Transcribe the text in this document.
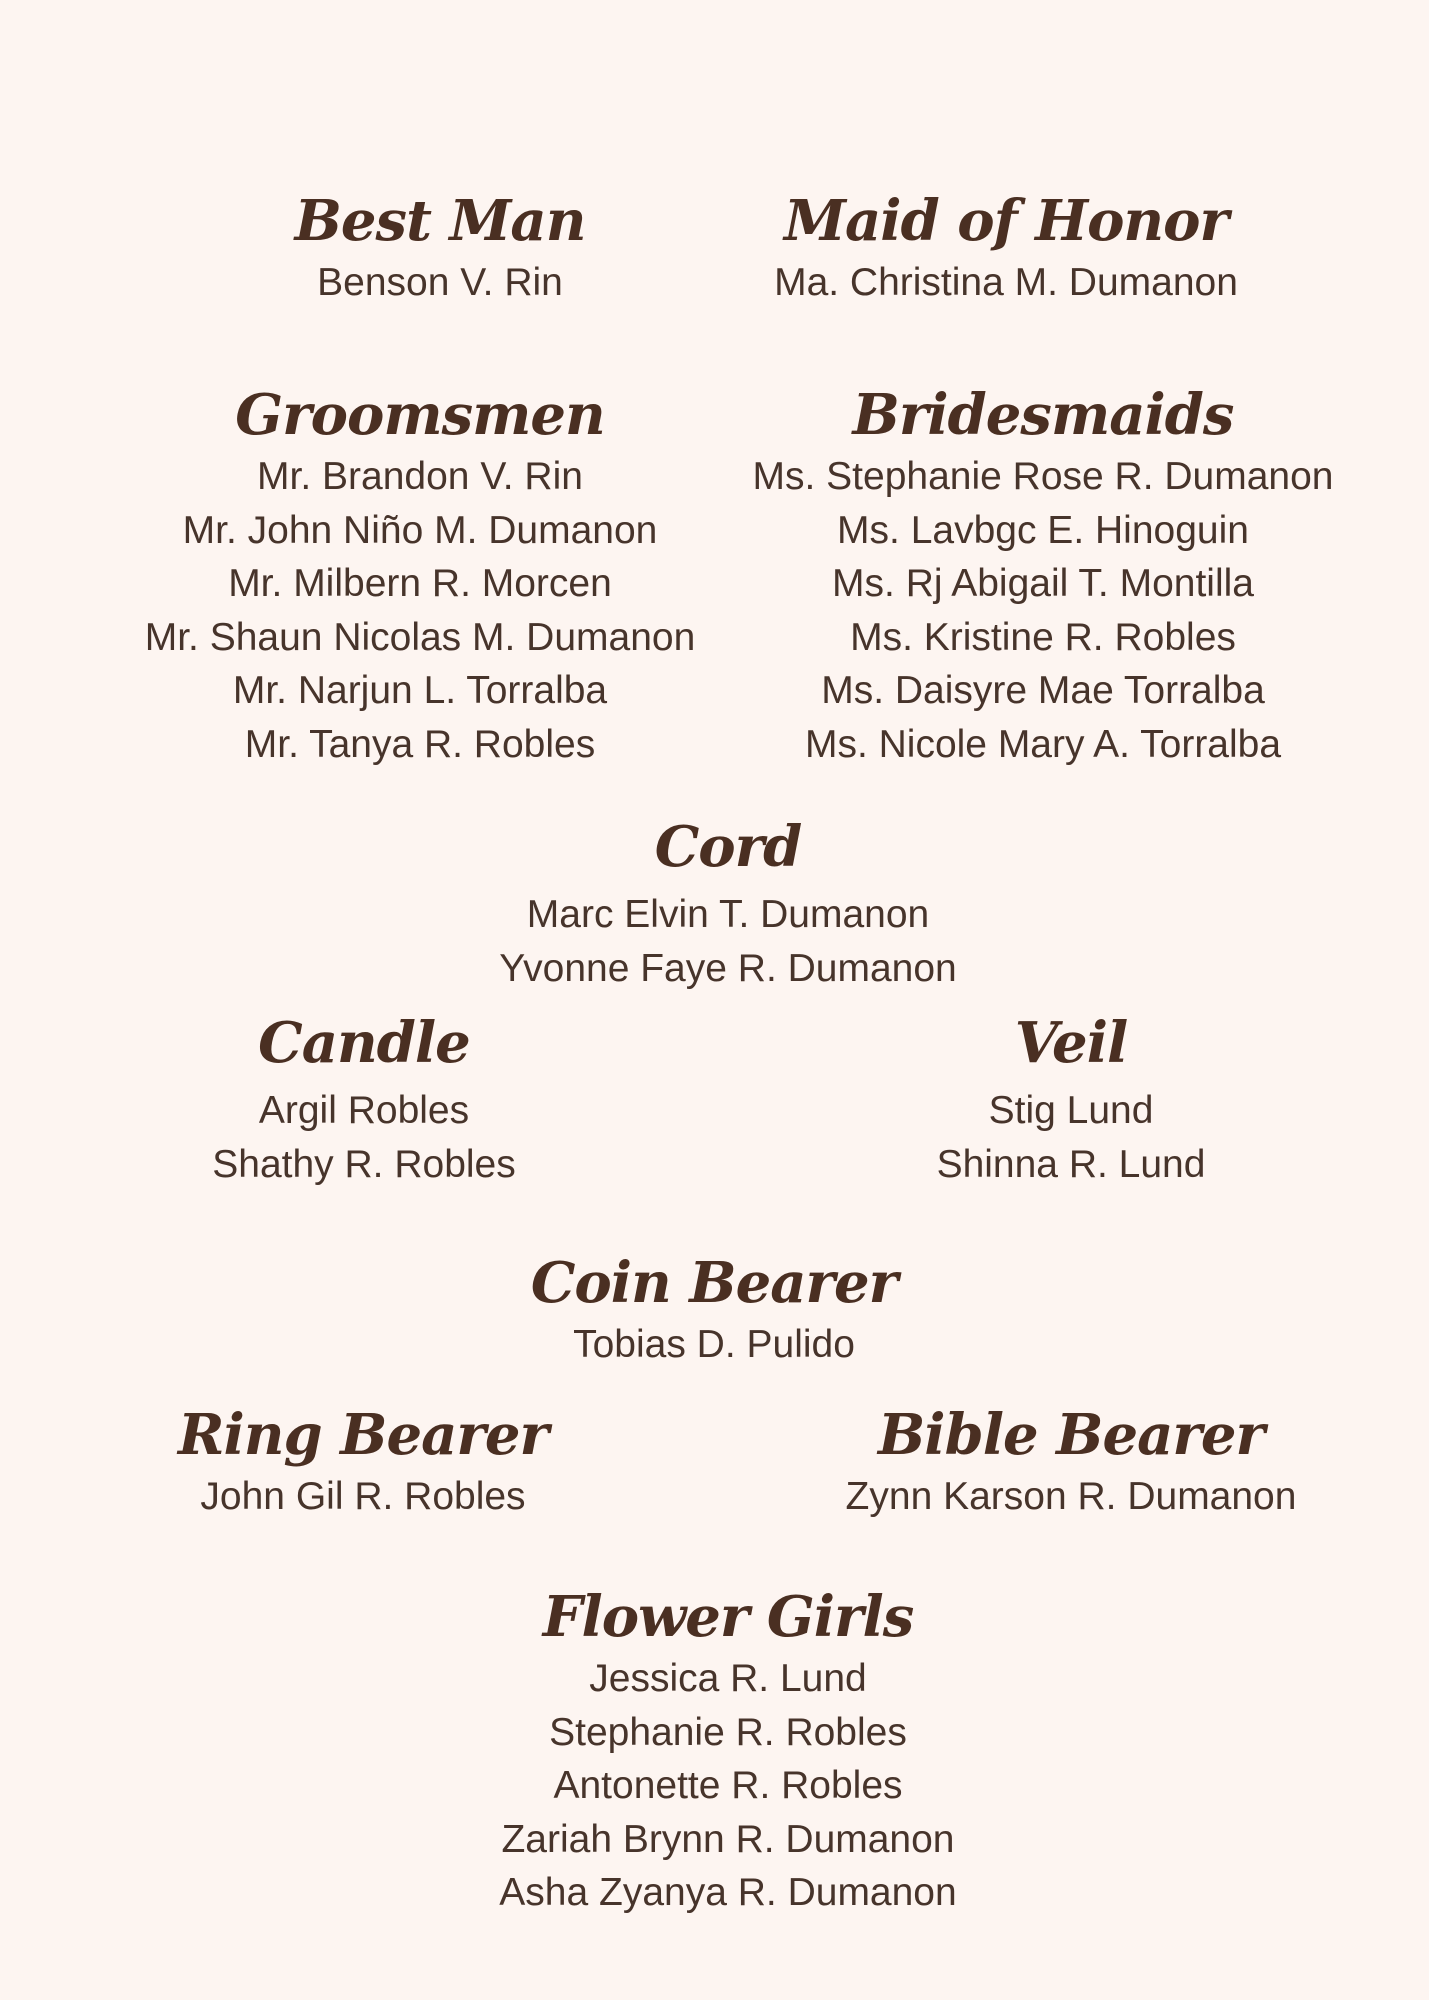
Best Man

Benson V. Rin

Maid of Honor

Ma. Christina M. Dumanon

Groomsmen
Mr. Brandon V. Rin
Mr. John Niño M. Dumanon
Mr. Milbern R. Morcen
Mr. Shaun Nicolas M. Dumanon
Mr. Narjun L. Torralba
Mr. Tanya R. Robles
Bridesmaids
Ms. Stephanie Rose R. Dumanon
Ms. Lavbgc E. Hinoguin
Ms. Rj Abigail T. Montilla
Ms. Kristine R. Robles
Ms. Daisyre Mae Torralba
Ms. Nicole Mary A. Torralba
Cord
Marc Elvin T. Dumanon
Yvonne Faye R. Dumanon
Candle
Argil Robles
Shathy R. Robles
Veil
Stig Lund
Shinna R. Lund
Coin Bearer

Tobias D. Pulido

Ring Bearer

John Gil R. Robles

Bible Bearer

Zynn Karson R. Dumanon

Flower Girls
Jessica R. Lund
Stephanie R. Robles
Antonette R. Robles
Zariah Brynn R. Dumanon
Asha Zyanya R. Dumanon
